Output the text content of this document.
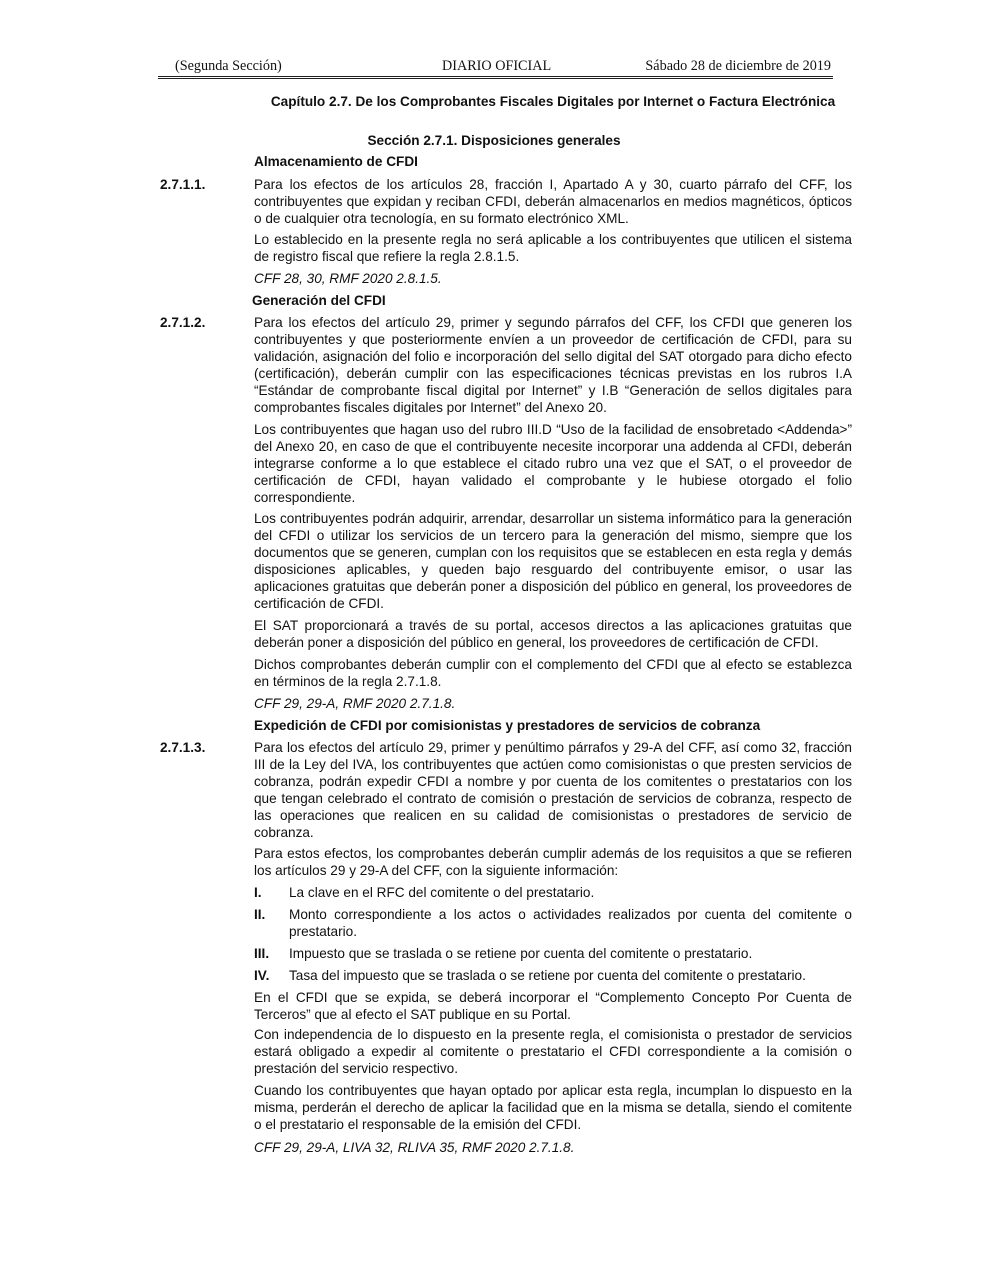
(Segunda Sección)	DIARIO OFICIAL	Sábado 28 de diciembre de 2019
Capítulo 2.7. De los Comprobantes Fiscales Digitales por Internet o Factura Electrónica
Sección 2.7.1. Disposiciones generales
Almacenamiento de CFDI
2.7.1.1.	Para los efectos de los artículos 28, fracción I, Apartado A y 30, cuarto párrafo del CFF, los contribuyentes que expidan y reciban CFDI, deberán almacenarlos en medios magnéticos, ópticos o de cualquier otra tecnología, en su formato electrónico XML.

Lo establecido en la presente regla no será aplicable a los contribuyentes que utilicen el sistema de registro fiscal que refiere la regla 2.8.1.5.

CFF 28, 30, RMF 2020 2.8.1.5.

Generación del CFDI
2.7.1.2.	Para los efectos del artículo 29, primer y segundo párrafos del CFF, los CFDI que generen los contribuyentes y que posteriormente envíen a un proveedor de certificación de CFDI, para su validación, asignación del folio e incorporación del sello digital del SAT otorgado para dicho efecto (certificación), deberán cumplir con las especificaciones técnicas previstas en los rubros I.A “Estándar de comprobante fiscal digital por Internet” y I.B “Generación de sellos digitales para comprobantes fiscales digitales por Internet” del Anexo 20.

Los contribuyentes que hagan uso del rubro III.D “Uso de la facilidad de ensobretado <Addenda>” del Anexo 20, en caso de que el contribuyente necesite incorporar una addenda al CFDI, deberán integrarse conforme a lo que establece el citado rubro una vez que el SAT, o el proveedor de certificación de CFDI, hayan validado el comprobante y le hubiese otorgado el folio correspondiente.

Los contribuyentes podrán adquirir, arrendar, desarrollar un sistema informático para la generación del CFDI o utilizar los servicios de un tercero para la generación del mismo, siempre que los documentos que se generen, cumplan con los requisitos que se establecen en esta regla y demás disposiciones aplicables, y queden bajo resguardo del contribuyente emisor, o usar las aplicaciones gratuitas que deberán poner a disposición del público en general, los proveedores de certificación de CFDI.

El SAT proporcionará a través de su portal, accesos directos a las aplicaciones gratuitas que deberán poner a disposición del público en general, los proveedores de certificación de CFDI.

Dichos comprobantes deberán cumplir con el complemento del CFDI que al efecto se establezca en términos de la regla 2.7.1.8.

CFF 29, 29-A, RMF 2020 2.7.1.8.

Expedición de CFDI por comisionistas y prestadores de servicios de cobranza
2.7.1.3.	Para los efectos del artículo 29, primer y penúltimo párrafos y 29-A del CFF, así como 32, fracción III de la Ley del IVA, los contribuyentes que actúen como comisionistas o que presten servicios de cobranza, podrán expedir CFDI a nombre y por cuenta de los comitentes o prestatarios con los que tengan celebrado el contrato de comisión o prestación de servicios de cobranza, respecto de las operaciones que realicen en su calidad de comisionistas o prestadores de servicio de cobranza.

Para estos efectos, los comprobantes deberán cumplir además de los requisitos a que se refieren los artículos 29 y 29-A del CFF, con la siguiente información:

I. La clave en el RFC del comitente o del prestatario.

II. Monto correspondiente a los actos o actividades realizados por cuenta del comitente o prestatario.

III. Impuesto que se traslada o se retiene por cuenta del comitente o prestatario.

IV. Tasa del impuesto que se traslada o se retiene por cuenta del comitente o prestatario.

En el CFDI que se expida, se deberá incorporar el “Complemento Concepto Por Cuenta de Terceros” que al efecto el SAT publique en su Portal.

Con independencia de lo dispuesto en la presente regla, el comisionista o prestador de servicios estará obligado a expedir al comitente o prestatario el CFDI correspondiente a la comisión o prestación del servicio respectivo.

Cuando los contribuyentes que hayan optado por aplicar esta regla, incumplan lo dispuesto en la misma, perderán el derecho de aplicar la facilidad que en la misma se detalla, siendo el comitente o el prestatario el responsable de la emisión del CFDI.

CFF 29, 29-A, LIVA 32, RLIVA 35, RMF 2020 2.7.1.8.
